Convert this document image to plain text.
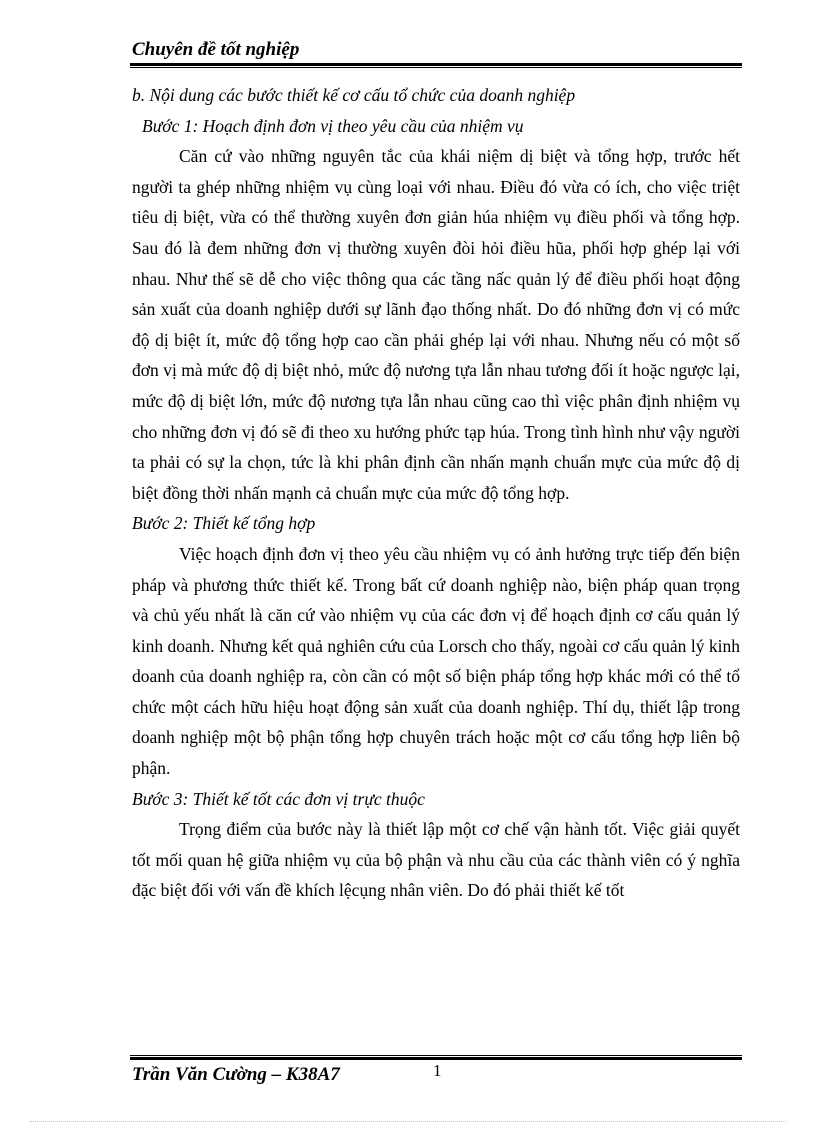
Chuyên đề tốt nghiệp

b. Nội dung các bước thiết kế cơ cấu tổ chức của doanh nghiệp

Bước 1: Hoạch định đơn vị theo yêu cầu của nhiệm vụ

Căn cứ vào những nguyên tắc của khái niệm dị biệt và tổng hợp, trước hết người ta ghép những nhiệm vụ cùng loại với nhau. Điều đó vừa có ích, cho việc triệt tiêu dị biệt, vừa có thể thường xuyên đơn giản húa nhiệm vụ điều phối và tổng hợp. Sau đó là đem những đơn vị thường xuyên đòi hỏi điều hũa, phối hợp ghép lại với nhau. Như thế sẽ dễ cho việc thông qua các tầng nấc quản lý để điều phối hoạt động sản xuất của doanh nghiệp dưới sự lãnh đạo thống nhất. Do đó những đơn vị có mức độ dị biệt ít, mức độ tổng hợp cao cần phải ghép lại với nhau. Nhưng nếu có một số đơn vị mà mức độ dị biệt nhỏ, mức độ nương tựa lẫn nhau tương đối ít hoặc ngược lại, mức độ dị biệt lớn, mức độ nương tựa lẫn nhau cũng cao thì việc phân định nhiệm vụ cho những đơn vị đó sẽ đi theo xu hướng phức tạp húa. Trong tình hình như vậy người ta phải có sự la chọn, tức là khi phân định cần nhấn mạnh chuẩn mực của mức độ dị biệt đồng thời nhấn mạnh cả chuẩn mực của mức độ tổng hợp.

Bước 2: Thiết kế tổng hợp

Việc hoạch định đơn vị theo yêu cầu nhiệm vụ có ảnh hưởng trực tiếp đến biện pháp và phương thức thiết kế. Trong bất cứ doanh nghiệp nào, biện pháp quan trọng và chủ yếu nhất là căn cứ vào nhiệm vụ của các đơn vị để hoạch định cơ cấu quản lý kinh doanh. Nhưng kết quả nghiên cứu của Lorsch cho thấy, ngoài cơ cấu quản lý kinh doanh của doanh nghiệp ra, còn cần có một số biện pháp tổng hợp khác mới có thể tổ chức một cách hữu hiệu hoạt động sản xuất của doanh nghiệp. Thí dụ, thiết lập trong doanh nghiệp một bộ phận tổng hợp chuyên trách hoặc một cơ cấu tổng hợp liên bộ phận.

Bước 3: Thiết kế tốt các đơn vị trực thuộc

Trọng điểm của bước này là thiết lập một cơ chế vận hành tốt. Việc giải quyết tốt mối quan hệ giữa nhiệm vụ của bộ phận và nhu cầu của các thành viên có ý nghĩa đặc biệt đối với vấn đề khích lệcụng nhân viên. Do đó phải thiết kế tốt

Trần Văn Cường – K38A7	1
